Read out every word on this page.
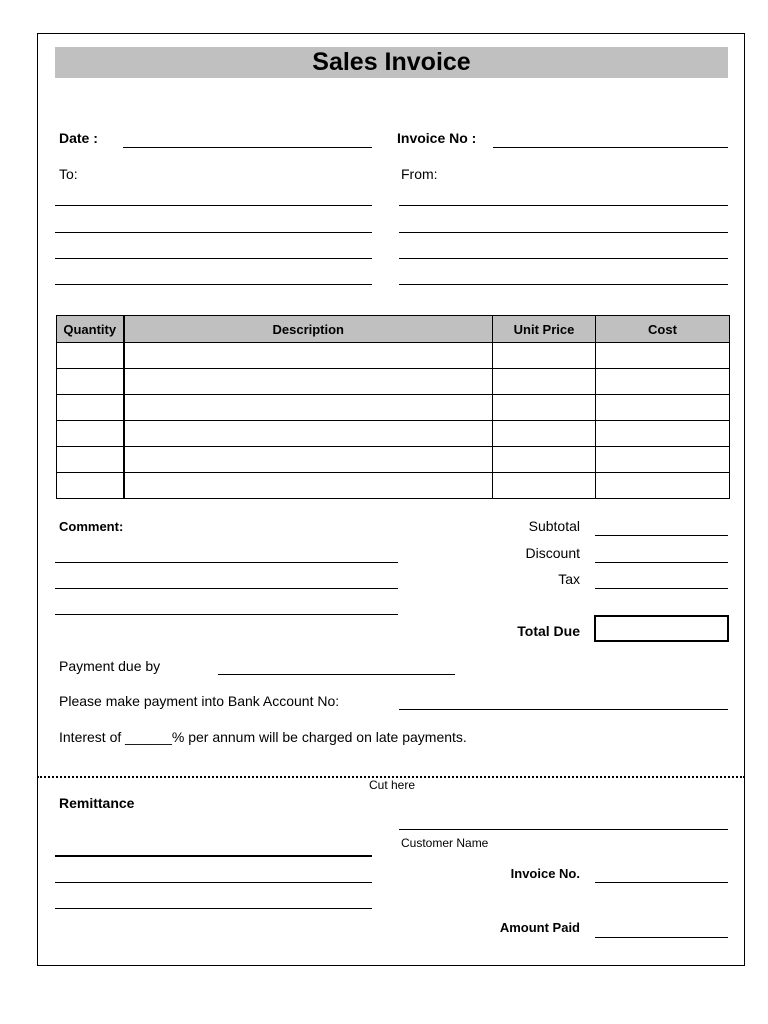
Sales Invoice
Date :	Invoice No :
To:	From:
Quantity	Description	Unit Price	Cost

Comment:	Subtotal
Discount
Tax
Total Due
Payment due by
Please make payment into Bank Account No:
Interest of ______% per annum will be charged on late payments.
Cut here
Remittance
Customer Name
Invoice No.
Amount Paid
